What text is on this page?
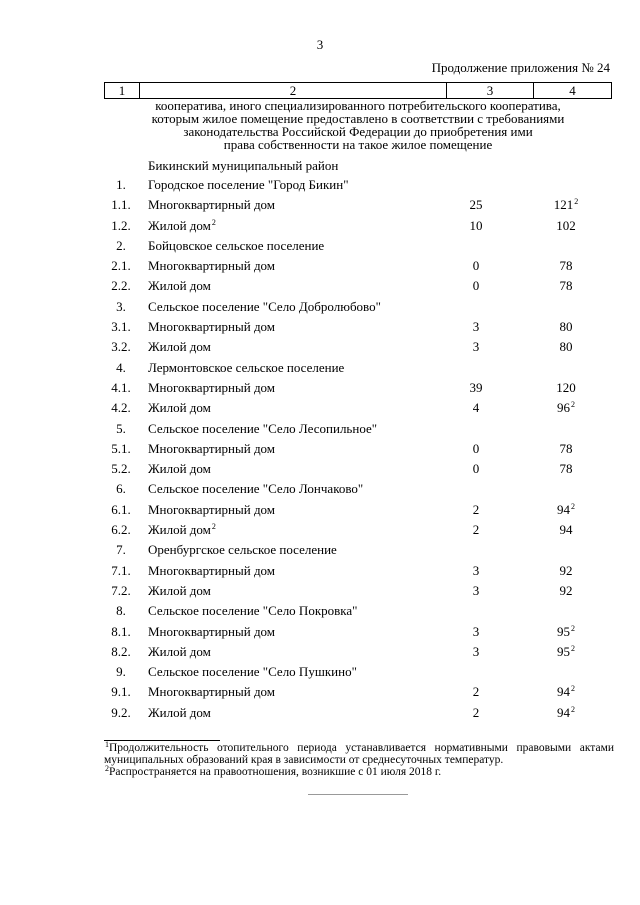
3
Продолжение приложения № 24
1	2	3	4
кооператива, иного специализированного потребительского кооператива,
которым жилое помещение предоставлено в соответствии с требованиями
законодательства Российской Федерации до приобретения ими
права собственности на такое жилое помещение
Бикинский муниципальный район
1.	Городское поселение "Город Бикин"
1.1.	Многоквартирный дом	25	$121^2$
1.2.	Жилой дом$^2$	10	102
2.	Бойцовское сельское поселение
2.1.	Многоквартирный дом	0	78
2.2.	Жилой дом	0	78
3.	Сельское поселение "Село Добролюбово"
3.1.	Многоквартирный дом	3	80
3.2.	Жилой дом	3	80
4.	Лермонтовское сельское поселение
4.1.	Многоквартирный дом	39	120
4.2.	Жилой дом	4	$96^2$
5.	Сельское поселение "Село Лесопильное"
5.1.	Многоквартирный дом	0	78
5.2.	Жилой дом	0	78
6.	Сельское поселение "Село Лончаково"
6.1.	Многоквартирный дом	2	$94^2$
6.2.	Жилой дом$^2$	2	94
7.	Оренбургское сельское поселение
7.1.	Многоквартирный дом	3	92
7.2.	Жилой дом	3	92
8.	Сельское поселение "Село Покровка"
8.1.	Многоквартирный дом	3	$95^2$
8.2.	Жилой дом	3	$95^2$
9.	Сельское поселение "Село Пушкино"
9.1.	Многоквартирный дом	2	$94^2$
9.2.	Жилой дом	2	$94^2$

$^1$Продолжительность отопительного периода устанавливается нормативными правовыми актами муниципальных образований края в зависимости от среднесуточных температур.

$^2$Распространяется на правоотношения, возникшие с 01 июля 2018 г.
